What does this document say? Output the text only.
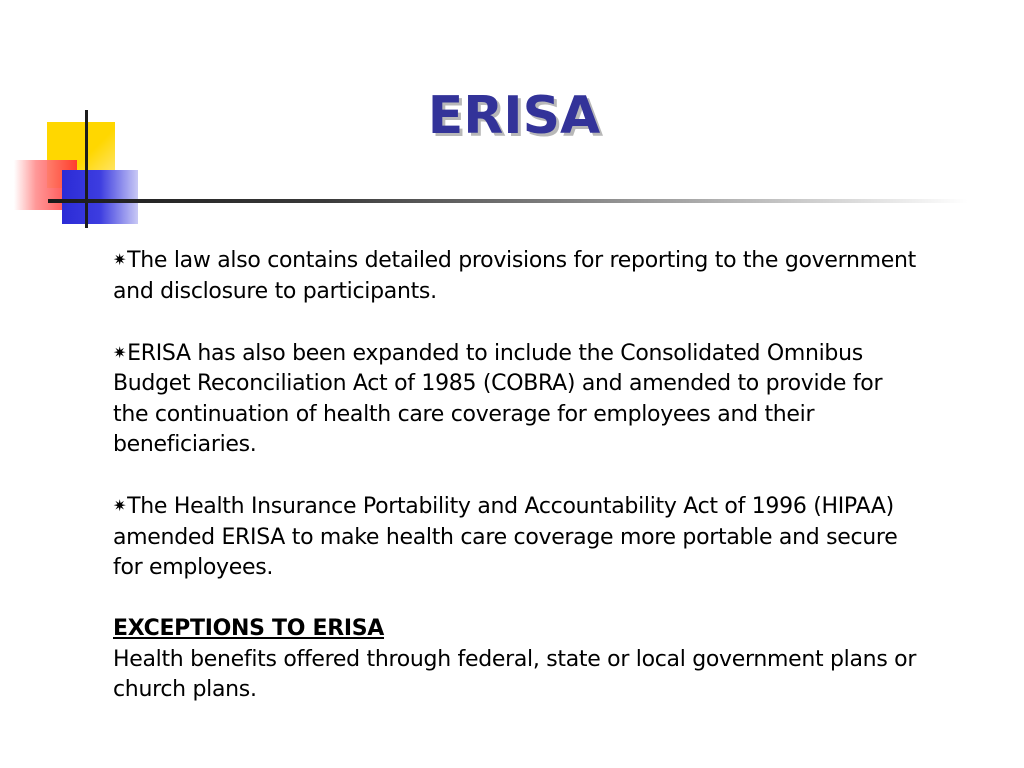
ERISA

✷The law also contains detailed provisions for reporting to the government and disclosure to participants.

✷ERISA has also been expanded to include the Consolidated Omnibus Budget Reconciliation Act of 1985 (COBRA) and amended to provide for the continuation of health care coverage for employees and their beneficiaries.

✷The Health Insurance Portability and Accountability Act of 1996 (HIPAA) amended ERISA to make health care coverage more portable and secure for employees.

EXCEPTIONS TO ERISA

Health benefits offered through federal, state or local government plans or church plans.
